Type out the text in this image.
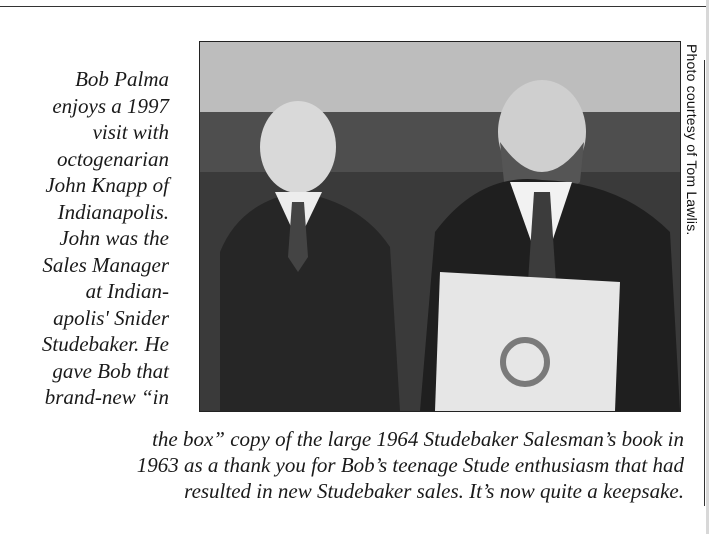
Photo courtesy of Tom Lawlis.
Bob Palma
enjoys a 1997
visit with
octogenarian
John Knapp of
Indianapolis.
John was the
Sales Manager
at Indian-
apolis' Snider
Studebaker. He
gave Bob that
brand-new “in
the box” copy of the large 1964 Studebaker Salesman’s book in
1963 as a thank you for Bob’s teenage Stude enthusiasm that had
resulted in new Studebaker sales. It’s now quite a keepsake.
